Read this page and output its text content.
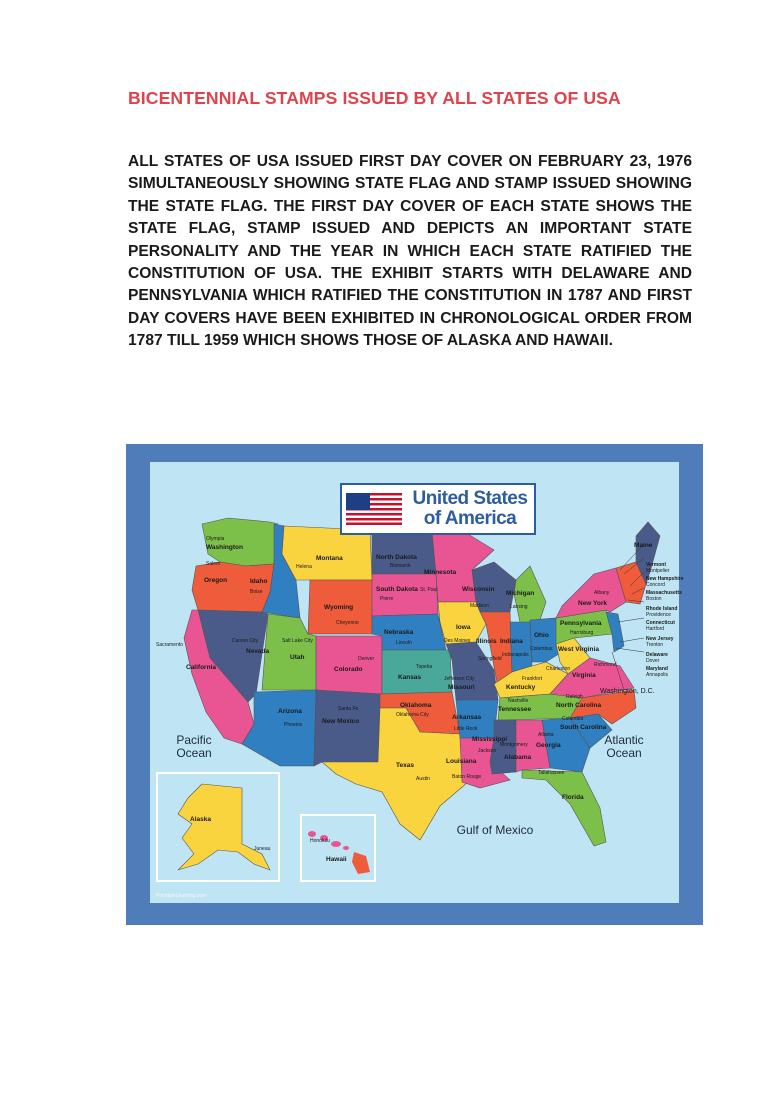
BICENTENNIAL STAMPS ISSUED BY ALL STATES OF USA
ALL STATES OF USA ISSUED FIRST DAY COVER ON FEBRUARY 23, 1976 SIMULTANEOUSLY SHOWING STATE FLAG AND STAMP ISSUED SHOWING THE STATE FLAG. THE FIRST DAY COVER OF EACH STATE SHOWS THE STATE FLAG, STAMP ISSUED AND DEPICTS AN IMPORTANT STATE PERSONALITY AND THE YEAR IN WHICH EACH STATE RATIFIED THE CONSTITUTION OF USA. THE EXHIBIT STARTS WITH DELAWARE AND PENNSYLVANIA WHICH RATIFIED THE CONSTITUTION IN 1787 AND FIRST DAY COVERS HAVE BEEN EXHIBITED IN CHRONOLOGICAL ORDER FROM 1787 TILL 1959 WHICH SHOWS THOSE OF ALASKA AND HAWAII.
United States
of America
Olympia
Washington
Salem
Oregon	Idaho
Boise
Montana
Helena
Wyoming
Cheyenne
Sacramento
Carson City
Nevada
California
Salt Lake City
Utah	Denver
Colorado
Arizona
Phoenix
Santa Fe
New Mexico
North Dakota
Bismarck
South Dakota
Pierre
Nebraska
Lincoln
Topeka
Kansas
Oklahoma
Oklahoma City
Texas
Austin
Minnesota
St. Paul	Wisconsin
Madison
Michigan
Lansing
Iowa
Des Moines Illinois
Springfield
Indiana
Indianapolis
Ohio
Columbus
Jefferson City
Missouri
Frankfort
Kentucky
Nashville
Tennessee
Arkansas
Little Rock
Mississippi
Jackson
Louisiana
Baton Rouge
Montgomery
Alabama
Atlanta
Georgia
Tallahassee
Florida
Columbia
South Carolina
Raleigh
North Carolina
Virginia
Richmond
West Virginia
Charleston
Pennsylvania
Harrisburg
New York
Albany
Maine
Vermont
Montpelier
New Hampshire
Concord
Massachusetts
Boston
Rhode Island
Providence
Connecticut
Hartford
New Jersey
Trenton
Delaware
Dover
Maryland
Annapolis
Washington, D.C.
Pacific Ocean
Atlantic Ocean
Gulf of Mexico
Alaska
Juneau
Honolulu
Hawaii
PrintableLearning.com
